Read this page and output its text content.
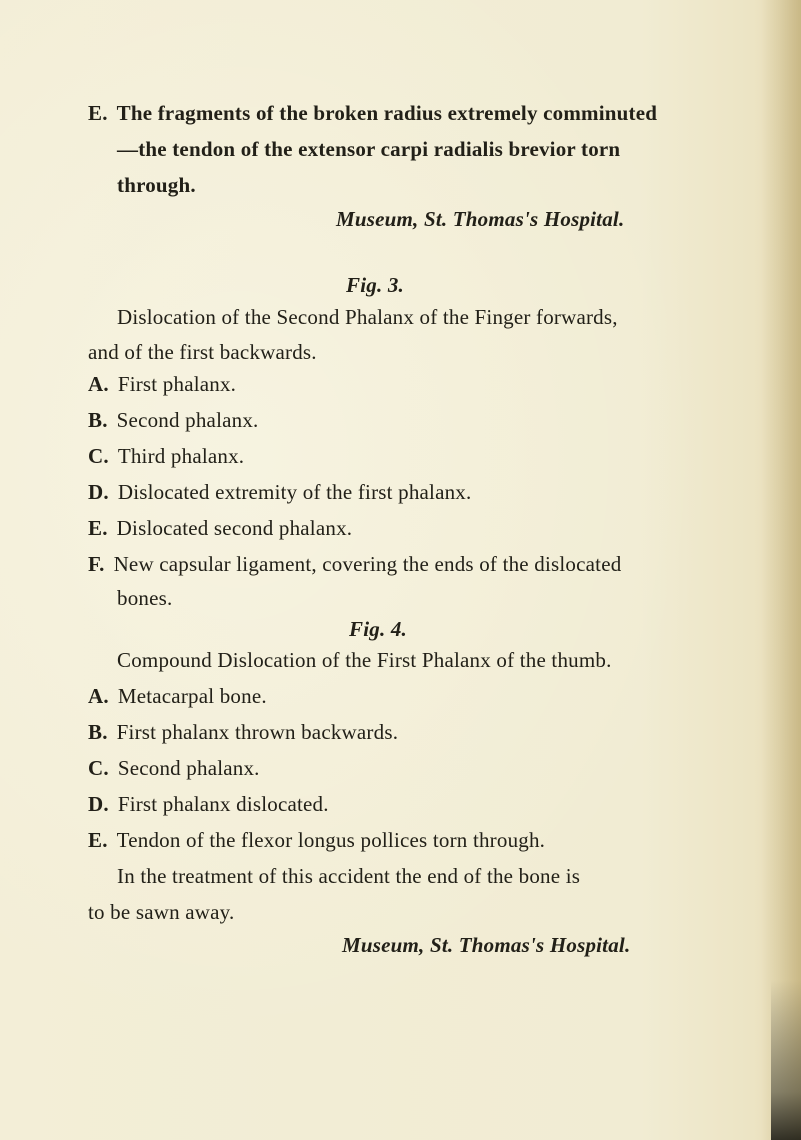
E. The fragments of the broken radius extremely comminuted
—the tendon of the extensor carpi radialis brevior torn
through.
Museum, St. Thomas's Hospital.
Fig. 3.
Dislocation of the Second Phalanx of the Finger forwards,
and of the first backwards.
A. First phalanx.
B. Second phalanx.
C. Third phalanx.
D. Dislocated extremity of the first phalanx.
E. Dislocated second phalanx.
F. New capsular ligament, covering the ends of the dislocated
bones.
Fig. 4.
Compound Dislocation of the First Phalanx of the thumb.
A. Metacarpal bone.
B. First phalanx thrown backwards.
C. Second phalanx.
D. First phalanx dislocated.
E. Tendon of the flexor longus pollices torn through.
In the treatment of this accident the end of the bone is
to be sawn away.
Museum, St. Thomas's Hospital.
